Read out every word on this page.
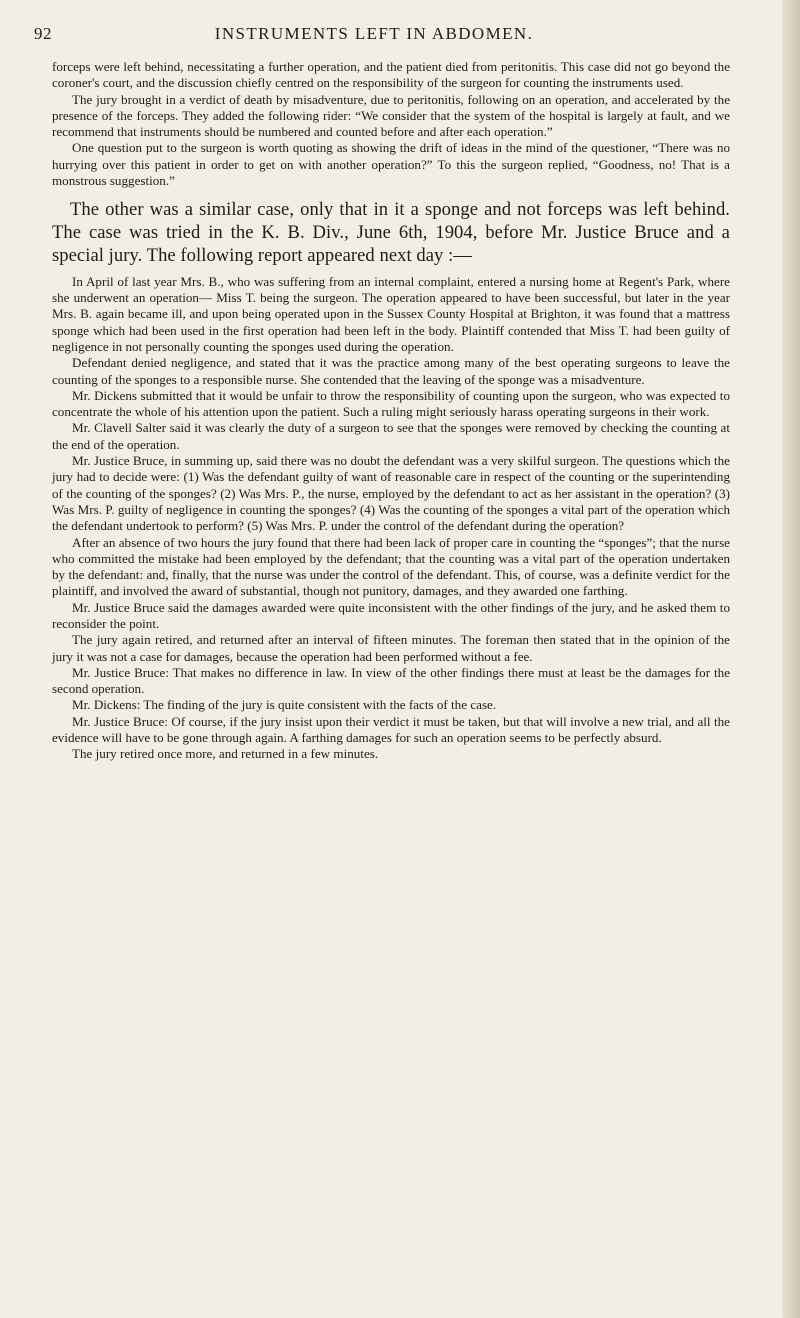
92	INSTRUMENTS LEFT IN ABDOMEN.

forceps were left behind, necessitating a further operation, and the patient died from peritonitis. This case did not go beyond the coroner's court, and the discussion chiefly centred on the responsibility of the surgeon for counting the instruments used.

The jury brought in a verdict of death by misadventure, due to peritonitis, following on an operation, and accelerated by the presence of the forceps. They added the following rider: “We consider that the system of the hospital is largely at fault, and we recommend that instruments should be numbered and counted before and after each operation.”

One question put to the surgeon is worth quoting as showing the drift of ideas in the mind of the questioner, “There was no hurrying over this patient in order to get on with another operation?” To this the surgeon replied, “Goodness, no! That is a monstrous suggestion.”

The other was a similar case, only that in it a sponge and not forceps was left behind. The case was tried in the K. B. Div., June 6th, 1904, before Mr. Justice Bruce and a special jury. The following report appeared next day :—

In April of last year Mrs. B., who was suffering from an internal complaint, entered a nursing home at Regent's Park, where she underwent an operation— Miss T. being the surgeon. The operation appeared to have been successful, but later in the year Mrs. B. again became ill, and upon being operated upon in the Sussex County Hospital at Brighton, it was found that a mattress sponge which had been used in the first operation had been left in the body. Plaintiff contended that Miss T. had been guilty of negligence in not personally counting the sponges used during the operation.

Defendant denied negligence, and stated that it was the practice among many of the best operating surgeons to leave the counting of the sponges to a responsible nurse. She contended that the leaving of the sponge was a misadventure.

Mr. Dickens submitted that it would be unfair to throw the responsibility of counting upon the surgeon, who was expected to concentrate the whole of his attention upon the patient. Such a ruling might seriously harass operating surgeons in their work.

Mr. Clavell Salter said it was clearly the duty of a surgeon to see that the sponges were removed by checking the counting at the end of the operation.

Mr. Justice Bruce, in summing up, said there was no doubt the defendant was a very skilful surgeon. The questions which the jury had to decide were: (1) Was the defendant guilty of want of reasonable care in respect of the counting or the superintending of the counting of the sponges? (2) Was Mrs. P., the nurse, employed by the defendant to act as her assistant in the operation? (3) Was Mrs. P. guilty of negligence in counting the sponges? (4) Was the counting of the sponges a vital part of the operation which the defendant undertook to perform? (5) Was Mrs. P. under the control of the defendant during the operation?

After an absence of two hours the jury found that there had been lack of proper care in counting the “sponges”; that the nurse who committed the mistake had been employed by the defendant; that the counting was a vital part of the operation undertaken by the defendant: and, finally, that the nurse was under the control of the defendant. This, of course, was a definite verdict for the plaintiff, and involved the award of substantial, though not punitory, damages, and they awarded one farthing.

Mr. Justice Bruce said the damages awarded were quite inconsistent with the other findings of the jury, and he asked them to reconsider the point.

The jury again retired, and returned after an interval of fifteen minutes. The foreman then stated that in the opinion of the jury it was not a case for damages, because the operation had been performed without a fee.

Mr. Justice Bruce: That makes no difference in law. In view of the other findings there must at least be the damages for the second operation.

Mr. Dickens: The finding of the jury is quite consistent with the facts of the case.

Mr. Justice Bruce: Of course, if the jury insist upon their verdict it must be taken, but that will involve a new trial, and all the evidence will have to be gone through again. A farthing damages for such an operation seems to be perfectly absurd.

The jury retired once more, and returned in a few minutes.
